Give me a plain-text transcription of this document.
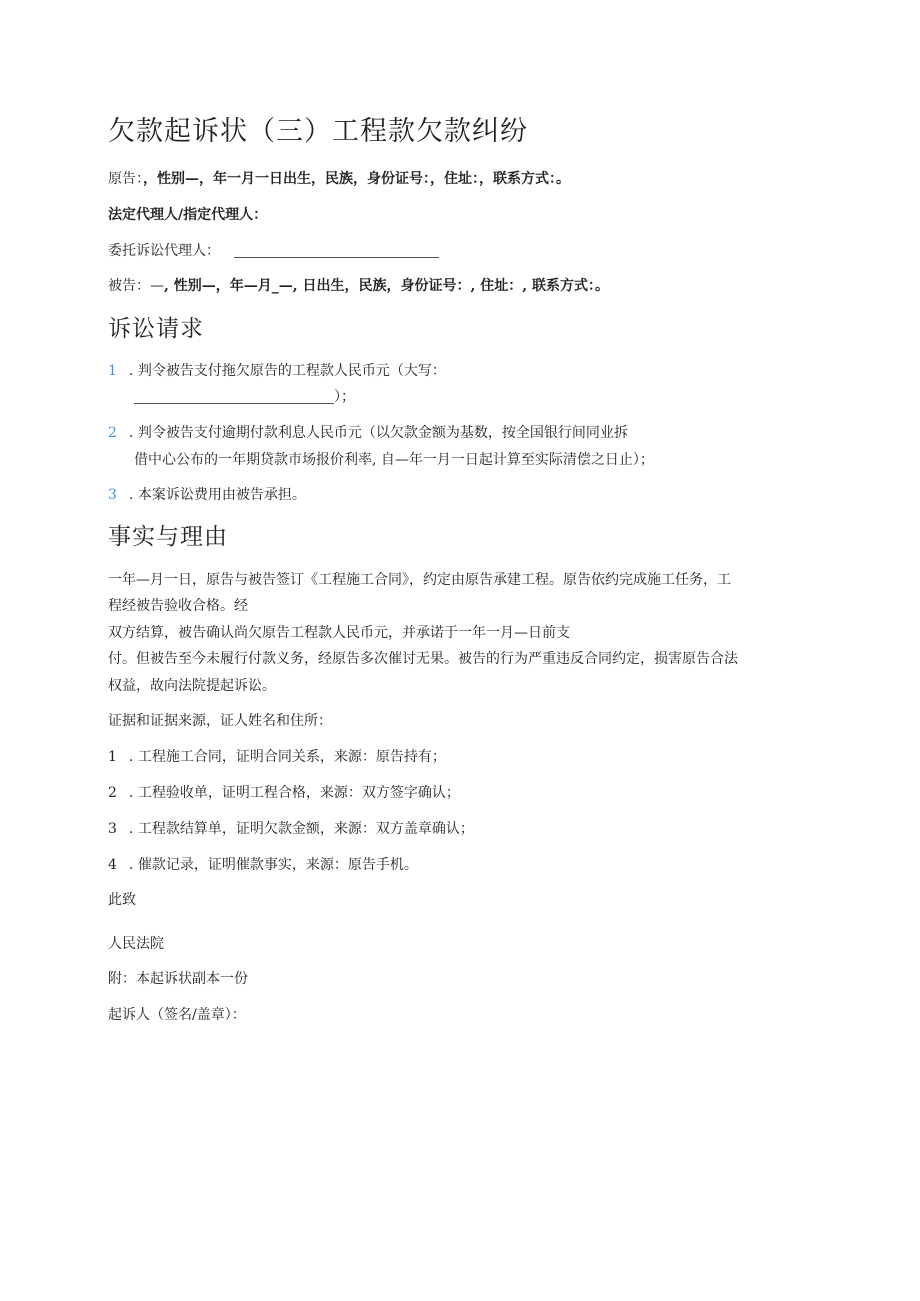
欠款起诉状（三）工程款欠款纠纷
原告：，性别—，年一月一日出生，民族，身份证号：，住址：，联系方式：。
法定代理人/指定代理人：
委托诉讼代理人：
被告：—, 性别—，年—月_—, 日出生，民族，身份证号：, 住址：, 联系方式：。
诉讼请求
1 . 判令被告支付拖欠原告的工程款人民币元（大写：
）；
2 . 判令被告支付逾期付款利息人民币元（以欠款金额为基数，按全国银行间同业拆
借中心公布的一年期贷款市场报价利率, 自—年一月一日起计算至实际清偿之日止）；
3 . 本案诉讼费用由被告承担。
事实与理由
一年—月一日，原告与被告签订《工程施工合同》，约定由原告承建工程。原告依约完成施工任务，工
程经被告验收合格。经
双方结算，被告确认尚欠原告工程款人民币元，并承诺于一年一月—日前支
付。但被告至今未履行付款义务，经原告多次催讨无果。被告的行为严重违反合同约定，损害原告合法
权益，故向法院提起诉讼。
证据和证据来源，证人姓名和住所：
1 . 工程施工合同，证明合同关系，来源：原告持有；
2 . 工程验收单，证明工程合格，来源：双方签字确认；
3 . 工程款结算单，证明欠款金额，来源：双方盖章确认；
4 . 催款记录，证明催款事实，来源：原告手机。
此致
人民法院
附：本起诉状副本一份
起诉人（签名/盖章）：
